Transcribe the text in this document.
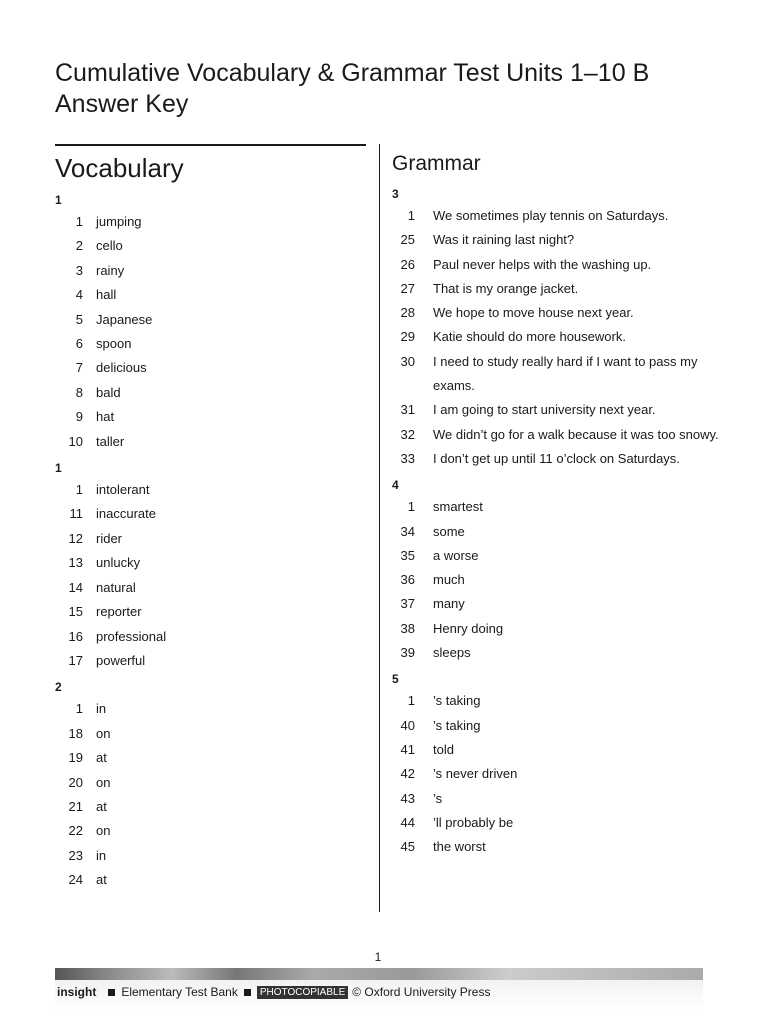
Cumulative Vocabulary & Grammar Test Units 1–10 B Answer Key
Vocabulary
1
1	jumping
2	cello
3	rainy
4	hall
5	Japanese
6	spoon
7	delicious
8	bald
9	hat
10	taller
1
1	intolerant
11	inaccurate
12	rider
13	unlucky
14	natural
15	reporter
16	professional
17	powerful
2
1	in
18	on
19	at
20	on
21	at
22	on
23	in
24	at
Grammar
3
1	We sometimes play tennis on Saturdays.
25	Was it raining last night?
26	Paul never helps with the washing up.
27	That is my orange jacket.
28	We hope to move house next year.
29	Katie should do more housework.
30	I need to study really hard if I want to pass my exams.
31	I am going to start university next year.
32	We didn’t go for a walk because it was too snowy.
33	I don’t get up until 11 o’clock on Saturdays.
4
1	smartest
34	some
35	a worse
36	much
37	many
38	Henry doing
39	sleeps
5
1	’s taking
40	’s taking
41	told
42	’s never driven
43	’s
44	’ll probably be
45	the worst
1
insight Elementary Test Bank	PHOTOCOPIABLE © Oxford University Press
